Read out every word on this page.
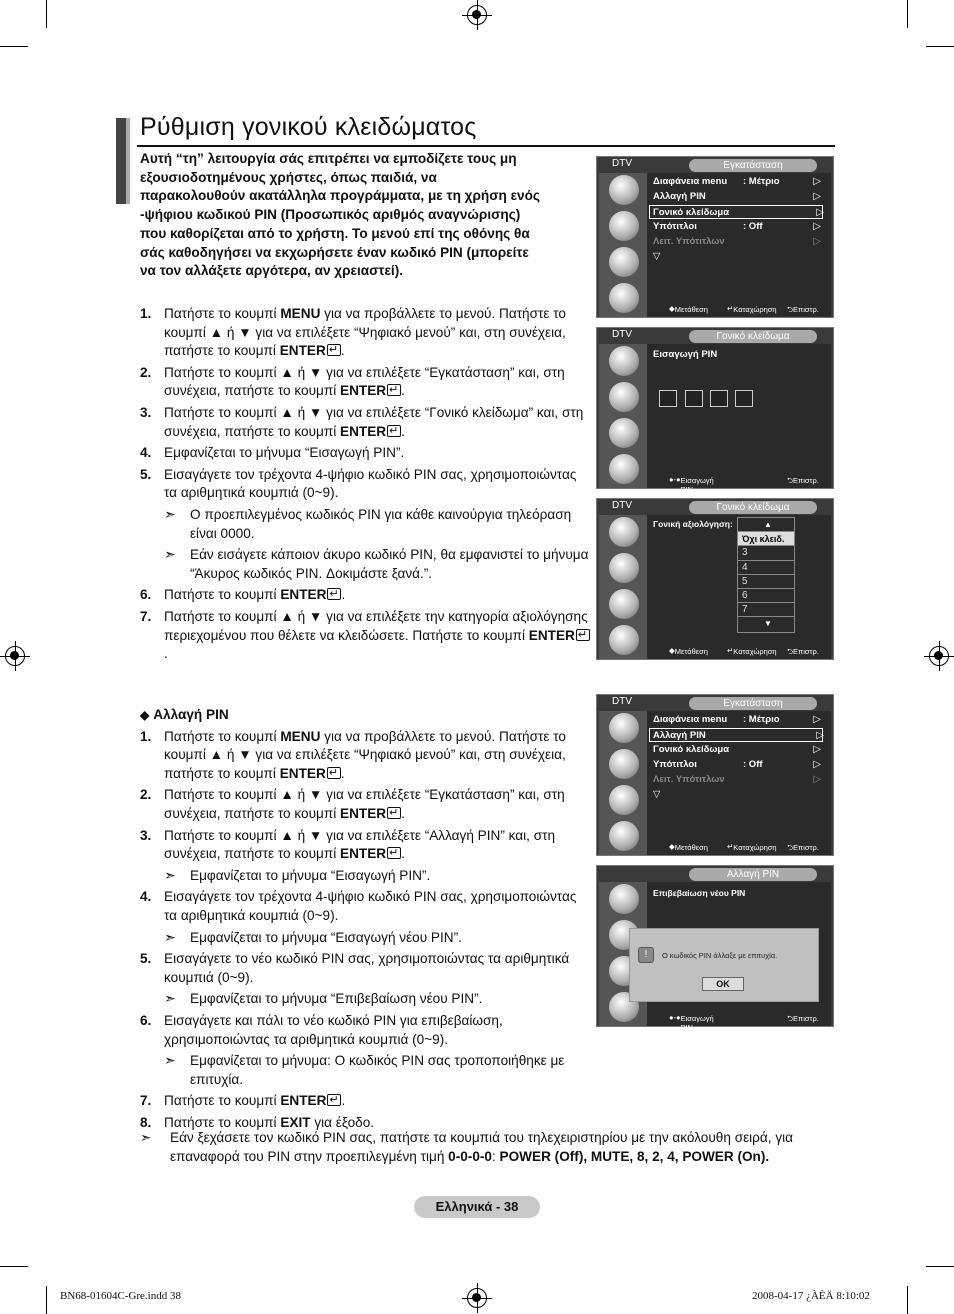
Ρύθμιση γονικού κλειδώματος
Αυτή “τη” λειτουργία σάς επιτρέπει να εμποδίζετε τους μη εξουσιοδοτημένους χρήστες, όπως παιδιά, να παρακολουθούν ακατάλληλα προγράμματα, με τη χρήση ενός -ψήφιου κωδικού PIN (Προσωπικός αριθμός αναγνώρισης) που καθορίζεται από το χρήστη. Το μενού επί της οθόνης θα σάς καθοδηγήσει να εκχωρήσετε έναν κωδικό PIN (μπορείτε να τον αλλάξετε αργότερα, αν χρειαστεί).
1. Πατήστε το κουμπί MENU για να προβάλλετε το μενού. Πατήστε το κουμπί ▲ ή ▼ για να επιλέξετε “Ψηφιακό μενού” και, στη συνέχεια, πατήστε το κουμπί ENTER ↵ .
2. Πατήστε το κουμπί ▲ ή ▼ για να επιλέξετε “Εγκατάσταση” και, στη συνέχεια, πατήστε το κουμπί ENTER ↵ .
3. Πατήστε το κουμπί ▲ ή ▼ για να επιλέξετε “Γονικό κλείδωμα” και, στη συνέχεια, πατήστε το κουμπί ENTER ↵ .
4. Εμφανίζεται το μήνυμα “Εισαγωγή PIN”.
5. Εισαγάγετε τον τρέχοντα 4-ψήφιο κωδικό PIN σας, χρησιμοποιώντας τα αριθμητικά κουμπιά (0~9).
➣ Ο προεπιλεγμένος κωδικός PIN για κάθε καινούργια τηλεόραση είναι 0000.
➣ Εάν εισάγετε κάποιον άκυρο κωδικό PIN, θα εμφανιστεί το μήνυμα “Άκυρος κωδικός PIN. Δοκιμάστε ξανά.”.
6. Πατήστε το κουμπί ENTER ↵ .
7. Πατήστε το κουμπί ▲ ή ▼ για να επιλέξετε την κατηγορία αξιολόγησης περιεχομένου που θέλετε να κλειδώσετε. Πατήστε το κουμπί ENTER↵.
◆ Αλλαγή PIN
1. Πατήστε το κουμπί MENU για να προβάλλετε το μενού. Πατήστε το κουμπί ▲ ή ▼ για να επιλέξετε “Ψηφιακό μενού” και, στη συνέχεια, πατήστε το κουμπί ENTER ↵ .
2. Πατήστε το κουμπί ▲ ή ▼ για να επιλέξετε “Εγκατάσταση” και, στη συνέχεια, πατήστε το κουμπί ENTER ↵ .
3. Πατήστε το κουμπί ▲ ή ▼ για να επιλέξετε “Αλλαγή PIN” και, στη συνέχεια, πατήστε το κουμπί ENTER ↵ .
➣ Εμφανίζεται το μήνυμα “Εισαγωγή PIN”.
4. Εισαγάγετε τον τρέχοντα 4-ψήφιο κωδικό PIN σας, χρησιμοποιώντας τα αριθμητικά κουμπιά (0~9).
➣ Εμφανίζεται το μήνυμα “Εισαγωγή νέου PIN”.
5. Εισαγάγετε το νέο κωδικό PIN σας, χρησιμοποιώντας τα αριθμητικά κουμπιά (0~9).
➣ Εμφανίζεται το μήνυμα “Επιβεβαίωση νέου PIN”.
6. Εισαγάγετε και πάλι το νέο κωδικό PIN για επιβεβαίωση, χρησιμοποιώντας τα αριθμητικά κουμπιά (0~9).
➣ Εμφανίζεται το μήνυμα: Ο κωδικός PIN σας τροποποιήθηκε με επιτυχία.
7. Πατήστε το κουμπί ENTER ↵ .
8. Πατήστε το κουμπί EXIT για έξοδο.
➣ Εάν ξεχάσετε τον κωδικό PIN σας, πατήστε τα κουμπιά του τηλεχειριστηρίου με την ακόλουθη σειρά, για επαναφορά του PIN στην προεπιλεγμένη τιμή 0-0-0-0: POWER (Off), MUTE, 8, 2, 4, POWER (On).
Ελληνικά - 38
BN68-01604C-Gre.indd 38	2008-04-17 ¿ÀÈÄ 8:10:02
DTV	Εγκατάσταση
Διαφάνεια menu : Μέτριο	▷
Αλλαγή PIN	▷
Γονικό κλείδωμα	▷
Υπότιτλοι	: Off	▷
Λειτ. Υπότιτλων	▷
▽
◆ Μετάθεση	↵ Καταχώρηση ⮌ Επιστρ.
DTV	Γονικό κλείδωμα
Εισαγωγή PIN
●-● Εισαγωγή PIN
⮌ Επιστρ.
DTV	Γονικό κλείδωμα
Γονική αξιολόγηση:	▲
Όχι κλειδ.
3
4
5
6
7
▼
◆ Μετάθεση	↵ Καταχώρηση ⮌ Επιστρ.
DTV	Εγκατάσταση
Διαφάνεια menu : Μέτριο	▷
Αλλαγή PIN	▷
Γονικό κλείδωμα	▷
Υπότιτλοι	: Off	▷
Λειτ. Υπότιτλων	▷
▽
◆ Μετάθεση	↵ Καταχώρηση ⮌ Επιστρ.
Αλλαγή PIN
Επιβεβαίωση νέου PIN
!	Ο κωδικός PIN άλλαξε με επιτυχία.
OK
●-● Εισαγωγή PIN
⮌ Επιστρ.
